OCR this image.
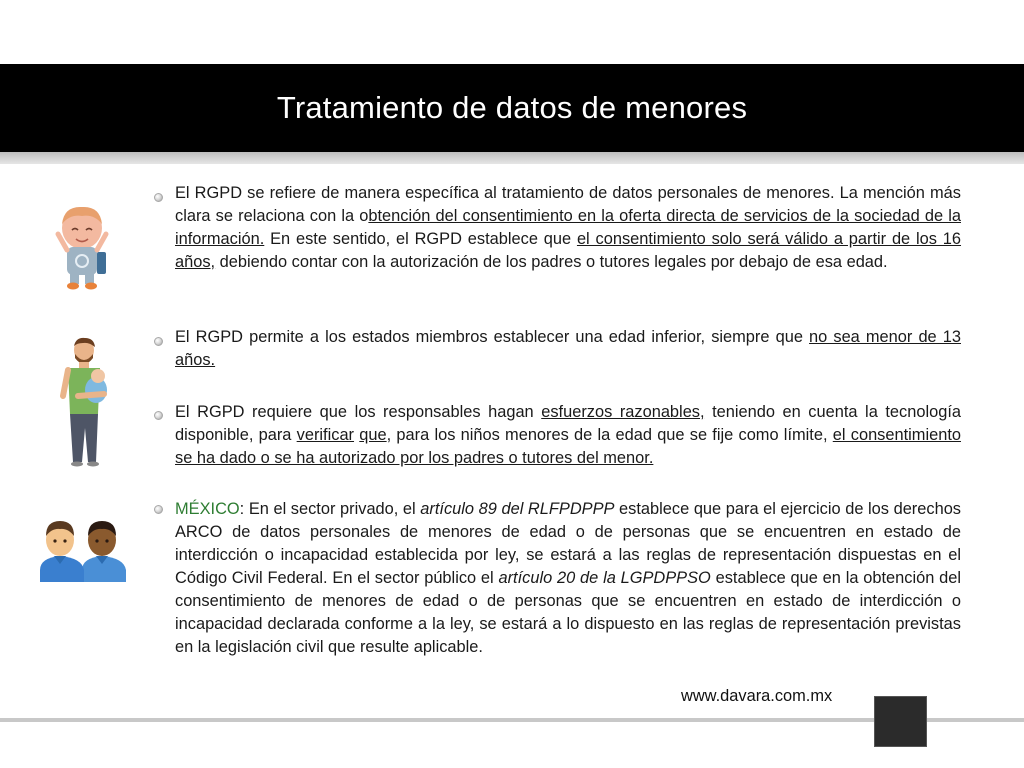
Tratamiento de datos de menores
El RGPD se refiere de manera específica al tratamiento de datos personales de menores. La mención más clara se relaciona con la obtención del consentimiento en la oferta directa de servicios de la sociedad de la información. En este sentido, el RGPD establece que el consentimiento solo será válido a partir de los 16 años, debiendo contar con la autorización de los padres o tutores legales por debajo de esa edad.
El RGPD permite a los estados miembros establecer una edad inferior, siempre que no sea menor de 13 años.
El RGPD requiere que los responsables hagan esfuerzos razonables, teniendo en cuenta la tecnología disponible, para verificar que, para los niños menores de la edad que se fije como límite, el consentimiento se ha dado o se ha autorizado por los padres o tutores del menor.
MÉXICO: En el sector privado, el artículo 89 del RLFPDPPP establece que para el ejercicio de los derechos ARCO de datos personales de menores de edad o de personas que se encuentren en estado de interdicción o incapacidad establecida por ley, se estará a las reglas de representación dispuestas en el Código Civil Federal. En el sector público el artículo 20 de la LGPDPPSO establece que en la obtención del consentimiento de menores de edad o de personas que se encuentren en estado de interdicción o incapacidad declarada conforme a la ley, se estará a lo dispuesto en las reglas de representación previstas en la legislación civil que resulte aplicable.
www.davara.com.mx
